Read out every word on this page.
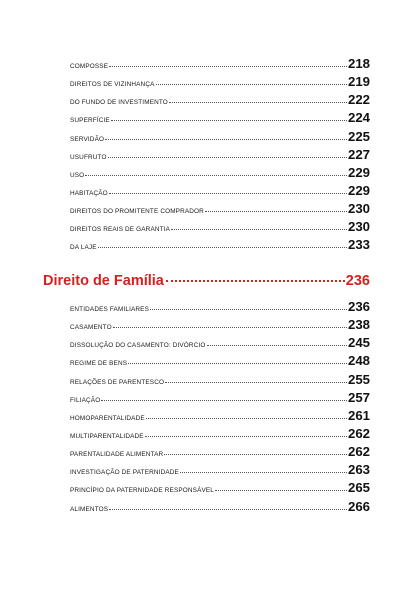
COMPOSSE	218
DIREITOS DE VIZINHANÇA	219
DO FUNDO DE INVESTIMENTO	222
SUPERFÍCIE	224
SERVIDÃO	225
USUFRUTO	227
USO	229
HABITAÇÃO	229
DIREITOS DO PROMITENTE COMPRADOR	230
DIREITOS REAIS DE GARANTIA	230
DA LAJE	233
Direito de Família	236
ENTIDADES FAMILIARES	236
CASAMENTO	238
DISSOLUÇÃO DO CASAMENTO: DIVÓRCIO	245
REGIME DE BENS	248
RELAÇÕES DE PARENTESCO	255
FILIAÇÃO	257
HOMOPARENTALIDADE	261
MULTIPARENTALIDADE	262
PARENTALIDADE ALIMENTAR	262
INVESTIGAÇÃO DE PATERNIDADE	263
PRINCÍPIO DA PATERNIDADE RESPONSÁVEL	265
ALIMENTOS	266
